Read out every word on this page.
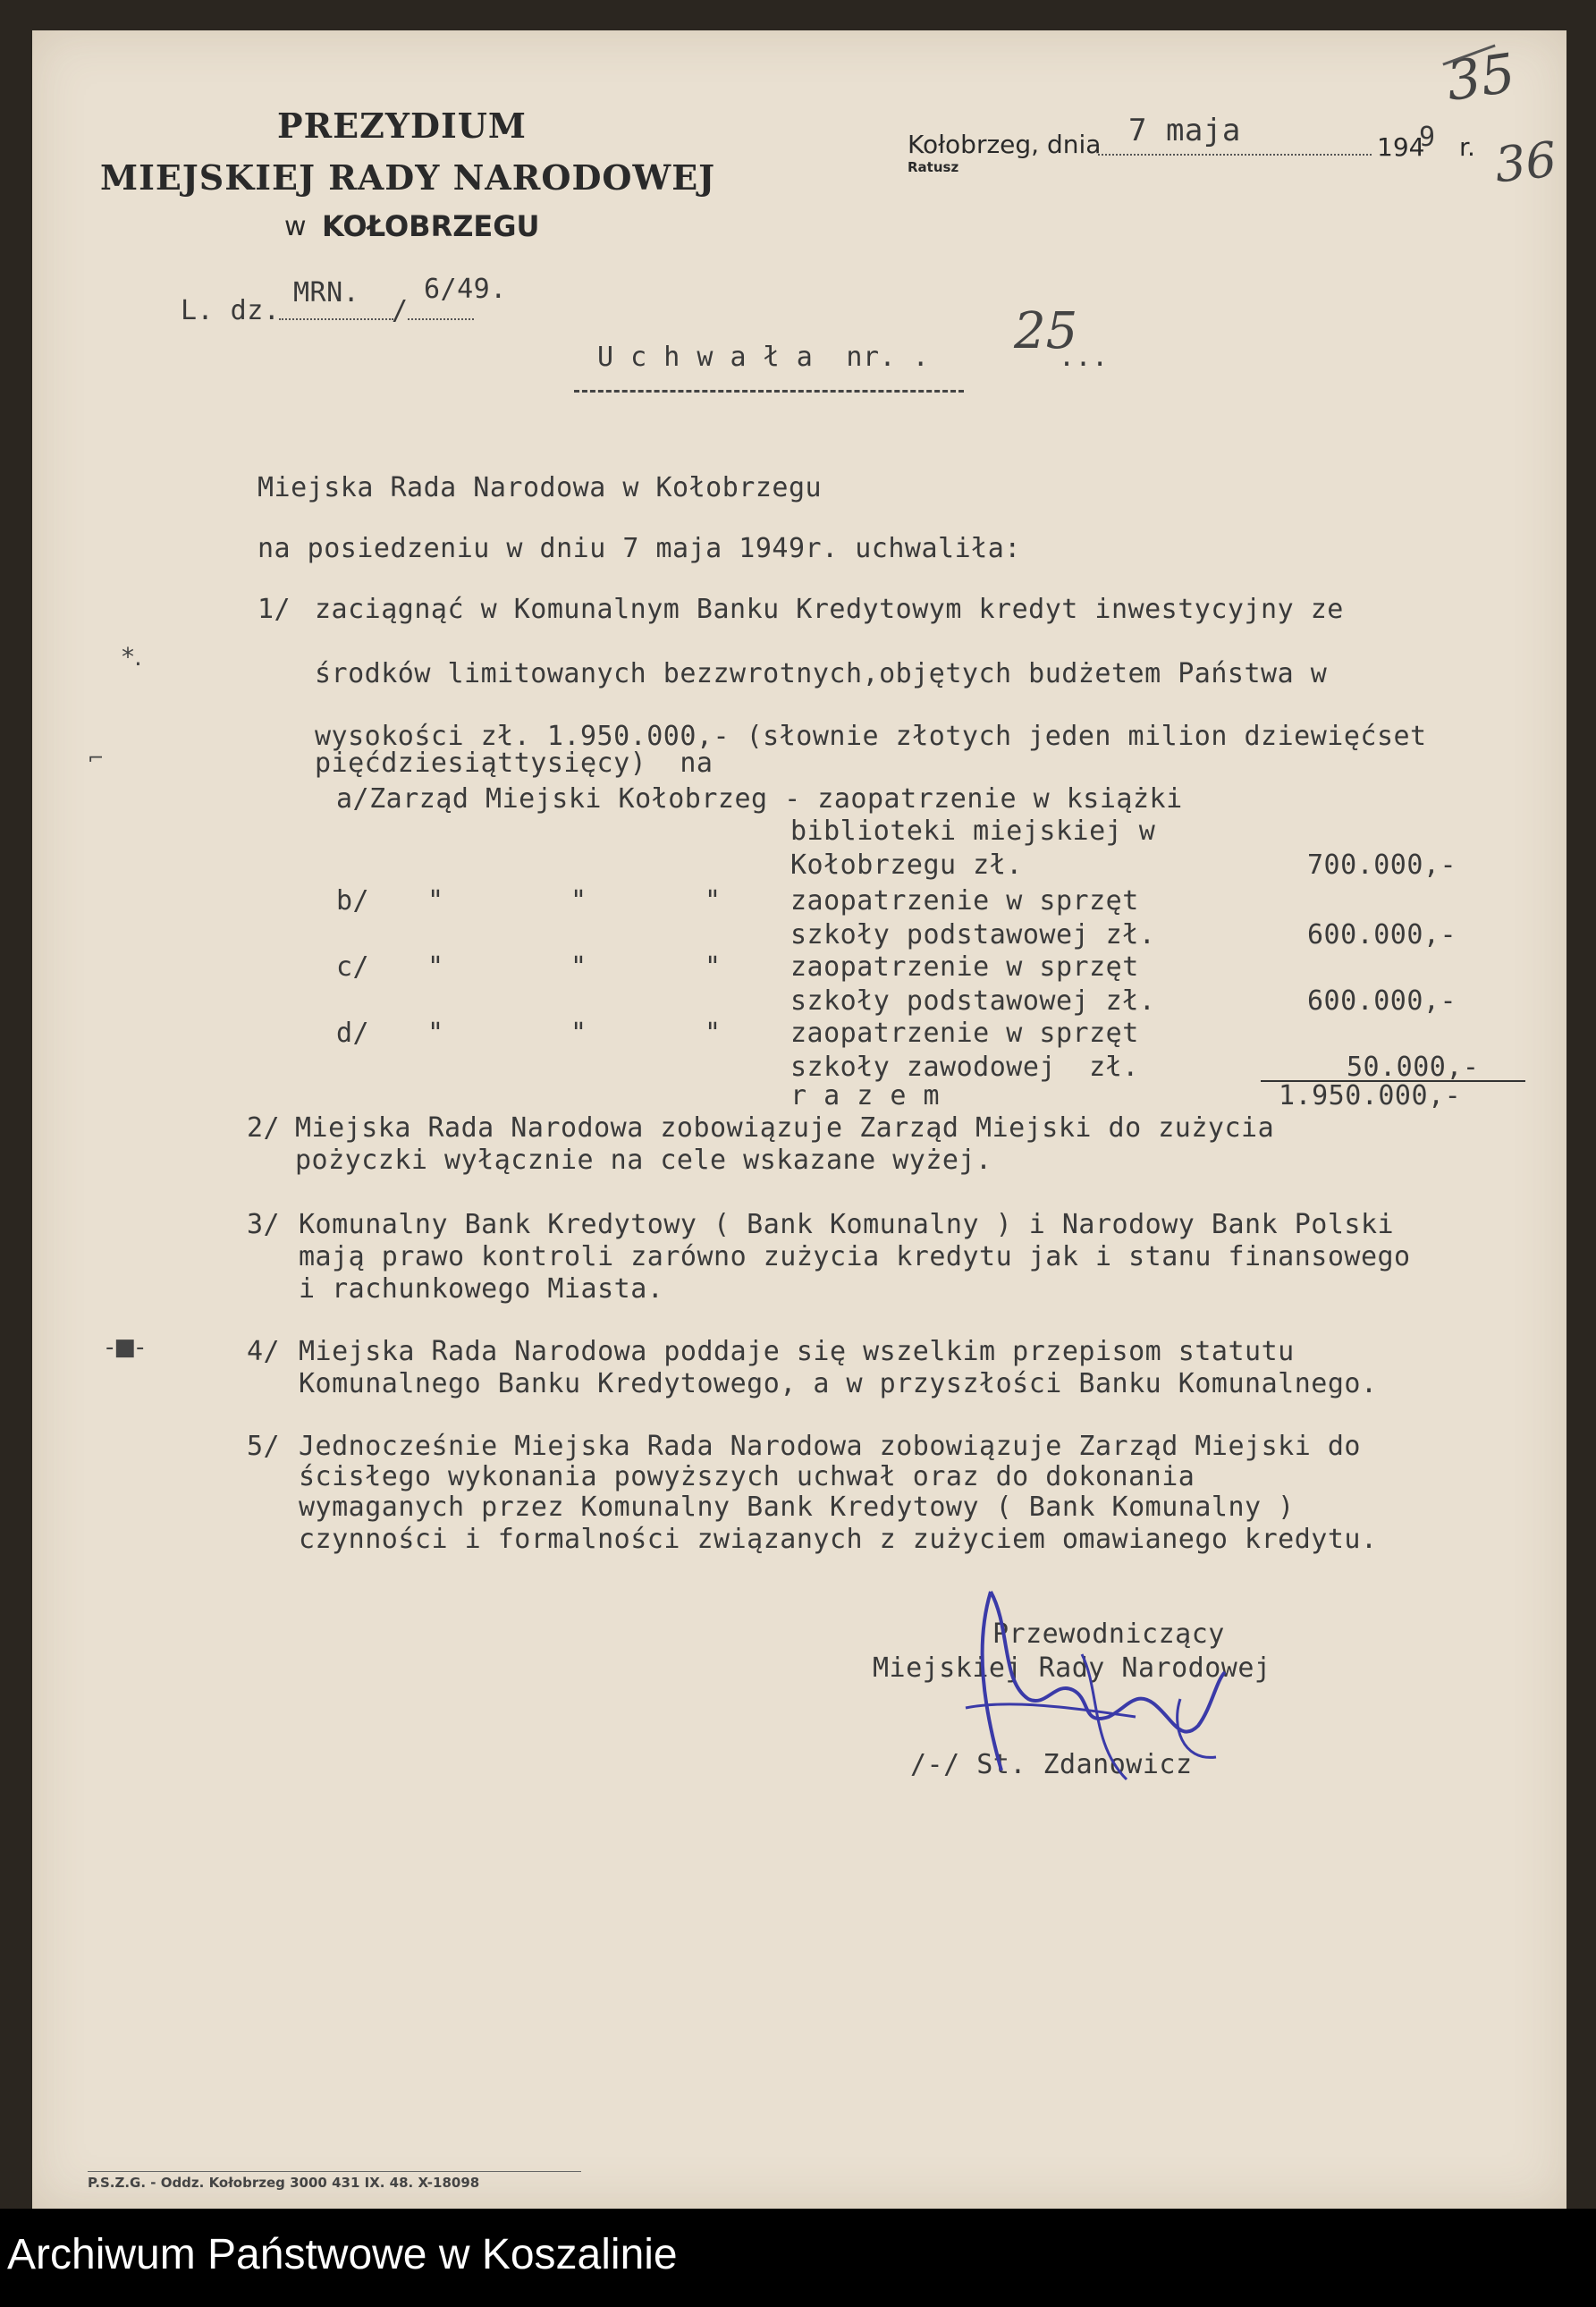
PREZYDIUM
MIEJSKIEJ RADY NARODOWEJ
w KOŁOBRZEGU
Kołobrzeg, dnia
Ratusz
7 maja	194
9 r.
35
36
L. dz.
MRN.
/
6/49.
U c h w a ł a  nr. . 25
...
Miejska Rada Narodowa w Kołobrzegu
na posiedzeniu w dniu 7 maja 1949r. uchwaliła:
1/ zaciągnąć w Komunalnym Banku Kredytowym kredyt inwestycyjny ze
środków limitowanych bezzwrotnych,objętych budżetem Państwa w
wysokości zł. 1.950.000,- (słownie złotych jeden milion dziewięćset
pięćdziesiąttysięcy)  na
a/Zarząd Miejski Kołobrzeg - zaopatrzenie w książki
biblioteki miejskiej w
Kołobrzegu zł.	700.000,-
b/ "	"	"	zaopatrzenie w sprzęt
szkoły podstawowej zł.	600.000,-
c/ "	"	"	zaopatrzenie w sprzęt
szkoły podstawowej zł.	600.000,-
d/ "	"	"	zaopatrzenie w sprzęt
szkoły zawodowej  zł.	50.000,-
r a z e m	1.950.000,-
2/ Miejska Rada Narodowa zobowiązuje Zarząd Miejski do zużycia
pożyczki wyłącznie na cele wskazane wyżej.
3/ Komunalny Bank Kredytowy ( Bank Komunalny ) i Narodowy Bank Polski
mają prawo kontroli zarówno zużycia kredytu jak i stanu finansowego
i rachunkowego Miasta.
4/ Miejska Rada Narodowa poddaje się wszelkim przepisom statutu
Komunalnego Banku Kredytowego, a w przyszłości Banku Komunalnego.
5/ Jednocześnie Miejska Rada Narodowa zobowiązuje Zarząd Miejski do
ścisłego wykonania powyższych uchwał oraz do dokonania
wymaganych przez Komunalny Bank Kredytowy ( Bank Komunalny )
czynności i formalności związanych z zużyciem omawianego kredytu.
Przewodniczący
Miejskiej Rady Narodowej
/-/ St. Zdanowicz
*.
⌐
-■-
P.S.Z.G. - Oddz. Kołobrzeg 3000 431 IX. 48. X-18098
Archiwum Państwowe w Koszalinie
